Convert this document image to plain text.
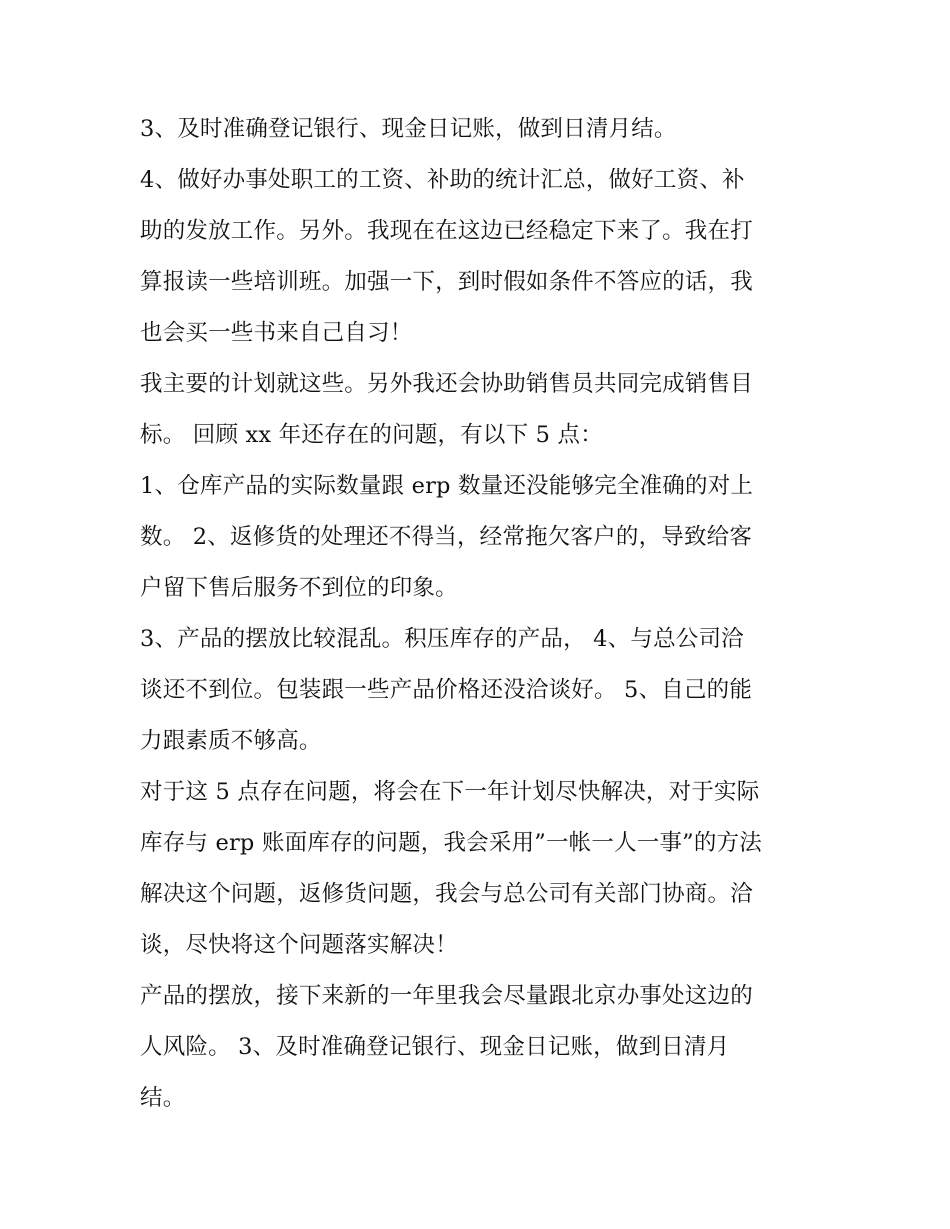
3、及时准确登记银行、现金日记账，做到日清月结。
4、做好办事处职工的工资、补助的统计汇总，做好工资、补
助的发放工作。另外。我现在在这边已经稳定下来了。我在打
算报读一些培训班。加强一下，到时假如条件不答应的话，我
也会买一些书来自己自习！
我主要的计划就这些。另外我还会协助销售员共同完成销售目
标。 回顾 xx 年还存在的问题，有以下 5 点：
1、仓库产品的实际数量跟 erp 数量还没能够完全准确的对上
数。 2、返修货的处理还不得当，经常拖欠客户的，导致给客
户留下售后服务不到位的印象。
3、产品的摆放比较混乱。积压库存的产品， 4、与总公司洽
谈还不到位。包装跟一些产品价格还没洽谈好。 5、自己的能
力跟素质不够高。
对于这 5 点存在问题，将会在下一年计划尽快解决，对于实际
库存与 erp 账面库存的问题，我会采用”一帐一人一事”的方法
解决这个问题，返修货问题，我会与总公司有关部门协商。洽
谈，尽快将这个问题落实解决！
产品的摆放，接下来新的一年里我会尽量跟北京办事处这边的
人风险。 3、及时准确登记银行、现金日记账，做到日清月
结。
